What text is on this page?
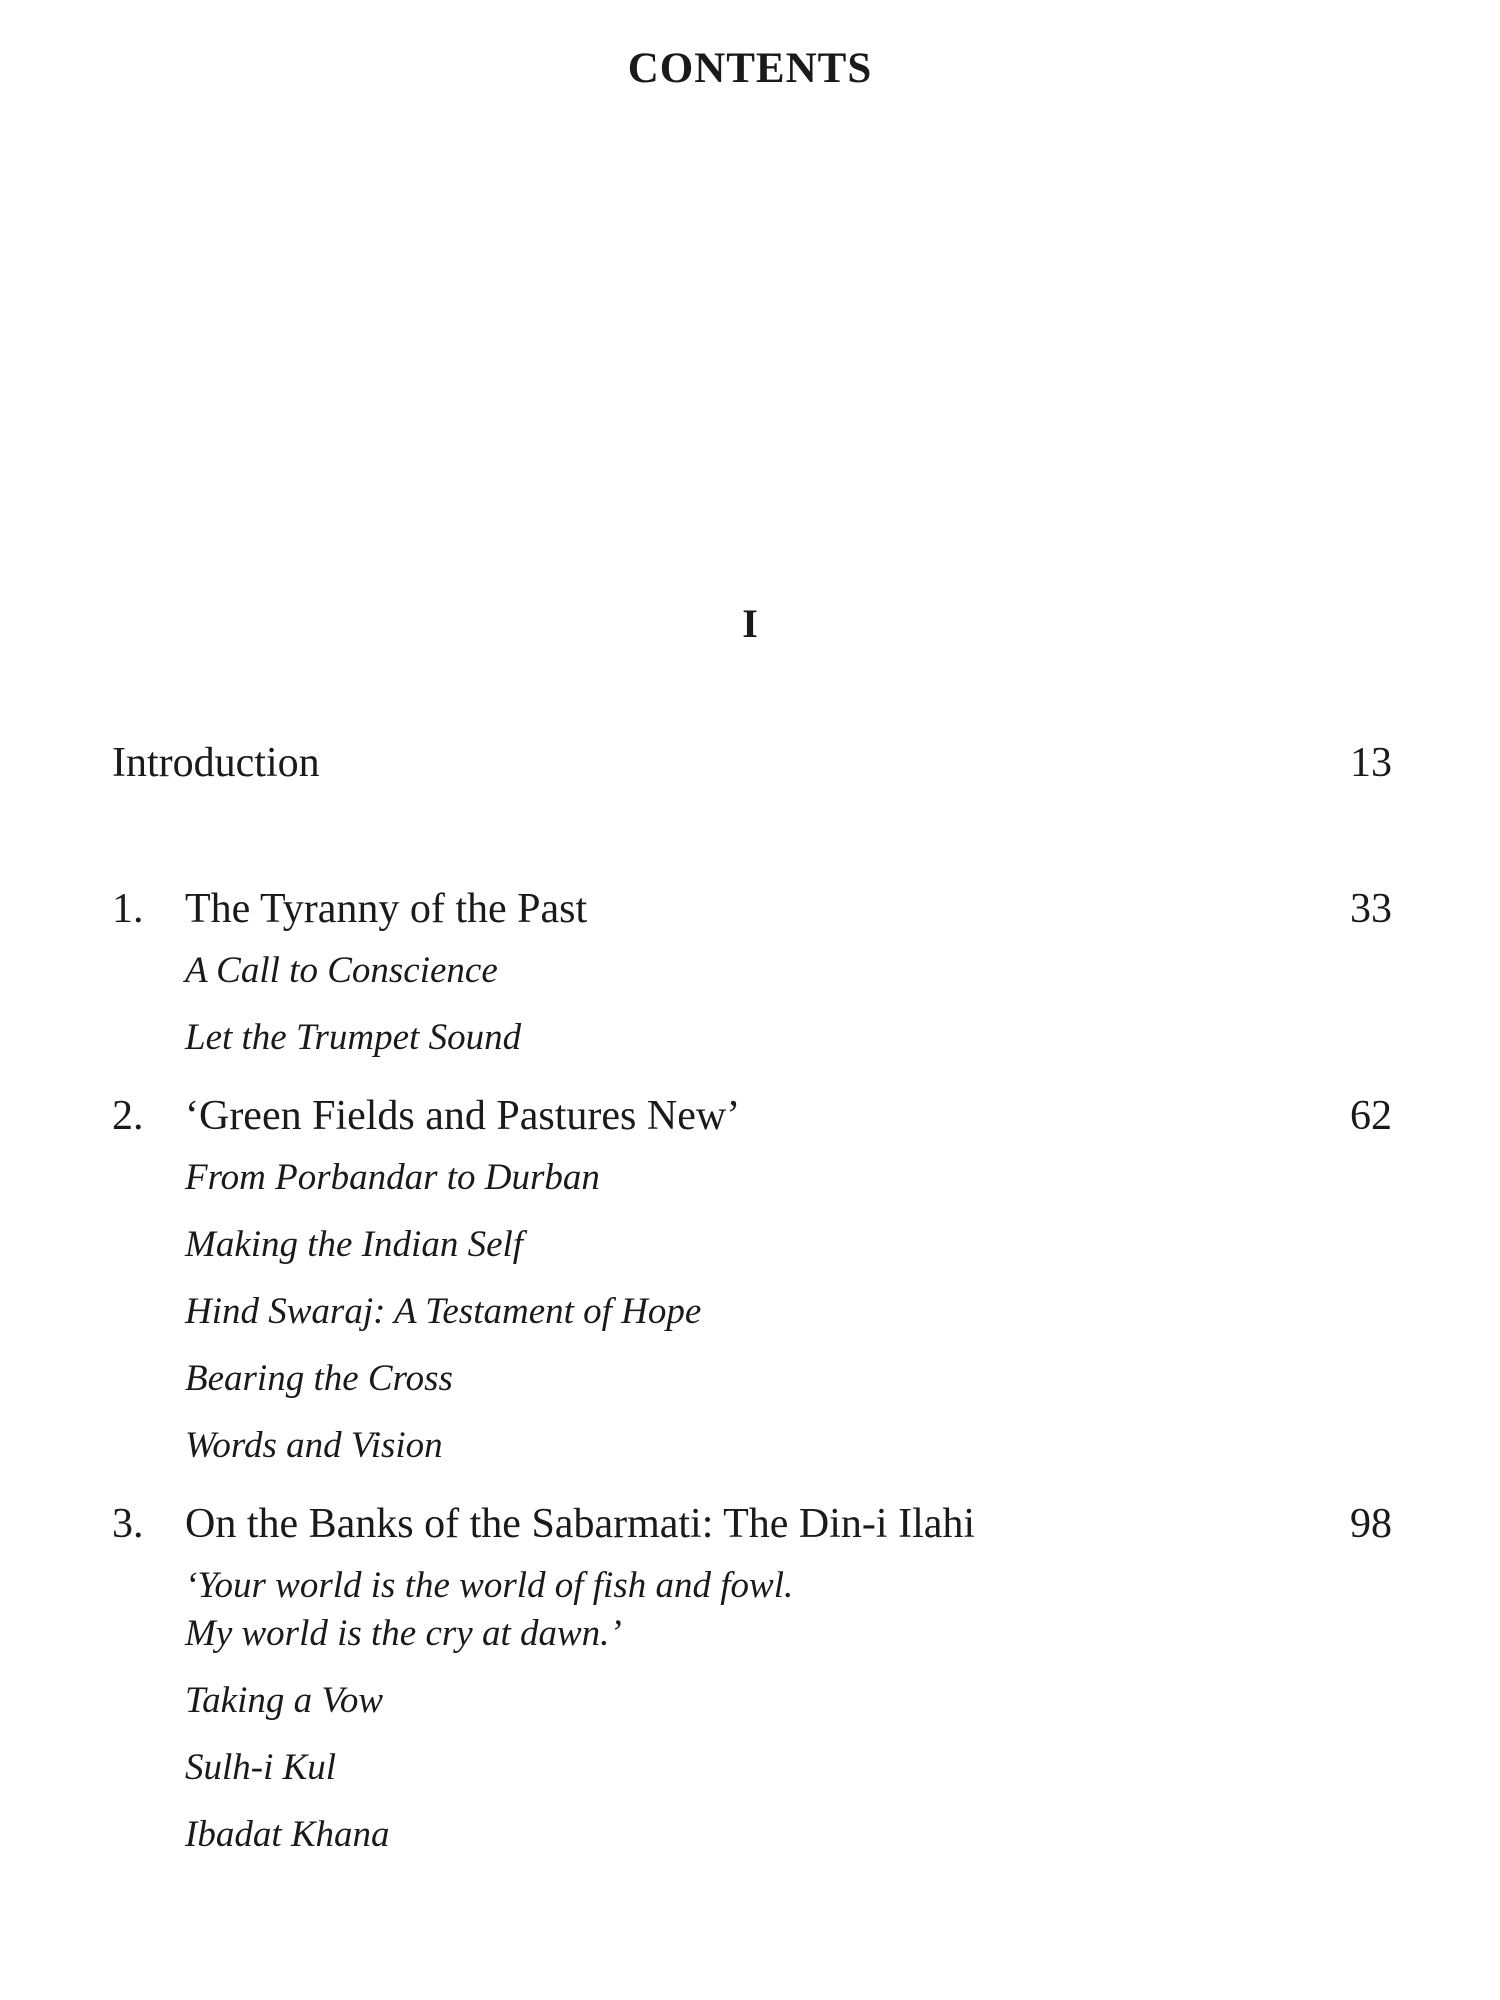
CONTENTS
I
Introduction	13
1. The Tyranny of the Past	33
A Call to Conscience
Let the Trumpet Sound
2. ‘Green Fields and Pastures New’	62
From Porbandar to Durban
Making the Indian Self
Hind Swaraj: A Testament of Hope
Bearing the Cross
Words and Vision
3. On the Banks of the Sabarmati: The Din-i Ilahi	98
‘Your world is the world of fish and fowl.
My world is the cry at dawn.’
Taking a Vow
Sulh-i Kul
Ibadat Khana
